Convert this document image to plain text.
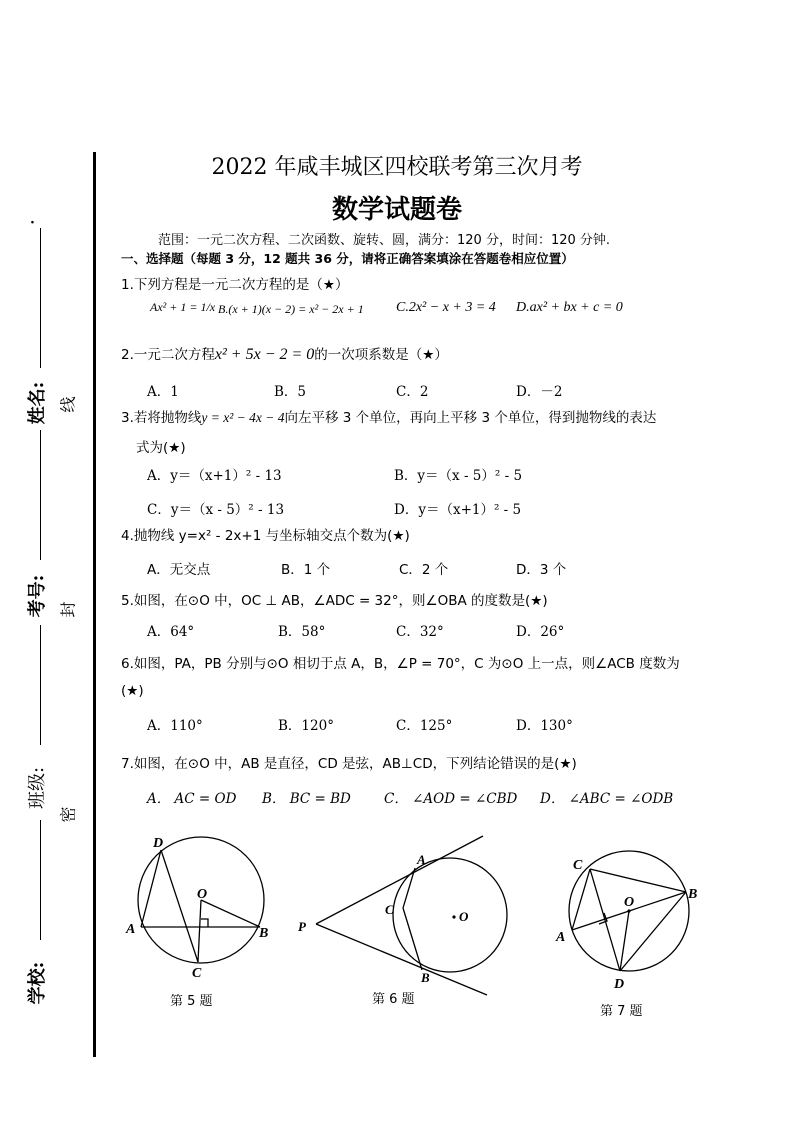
·
姓名:
考号:
班级:
学校:
线
封
密
2022 年咸丰城区四校联考第三次月考
数学试题卷
范围：一元二次方程、二次函数、旋转、圆，满分：120 分，时间：120 分钟.
一、选择题（每题 3 分，12 题共 36 分，请将正确答案填涂在答题卷相应位置）
1.下列方程是一元二次方程的是（★）
Ax² + 1 = 1/x B.(x + 1)(x − 2) = x² − 2x + 1 C.2x² − x + 3 = 4 D.ax² + bx + c = 0
2.一元二次方程x² + 5x − 2 = 0的一次项系数是（★）
A．1	B．5	C．2	D．－2
3.若将抛物线y = x² − 4x − 4向左平移 3 个单位，再向上平移 3 个单位，得到抛物线的表达
式为(★)
A．y＝（x+1）² - 13	B．y＝（x - 5）² - 5
C．y＝（x - 5）² - 13	D．y＝（x+1）² - 5
4.抛物线 y=x² - 2x+1 与坐标轴交点个数为(★)
A．无交点	B．1 个	C．2 个	D．3 个
5.如图，在⊙O 中，OC ⊥ AB，∠ADC = 32°，则∠OBA 的度数是(★)
A．64°	B．58°	C．32°	D．26°
6.如图，PA，PB 分别与⊙O 相切于点 A，B，∠P = 70°，C 为⊙O 上一点，则∠ACB 度数为
(★)
A．110°	B．120°	C．125°	D．130°
7.如图，在⊙O 中，AB 是直径，CD 是弦，AB⊥CD，下列结论错误的是(★)
A． AC = OD B． BC = BD C． ∠AOD = ∠CBD D． ∠ABC = ∠ODB
D
O
A	B
C
第 5 题
A
C	O
P
B
第 6 题
C
O
B
A
D
第 7 题
